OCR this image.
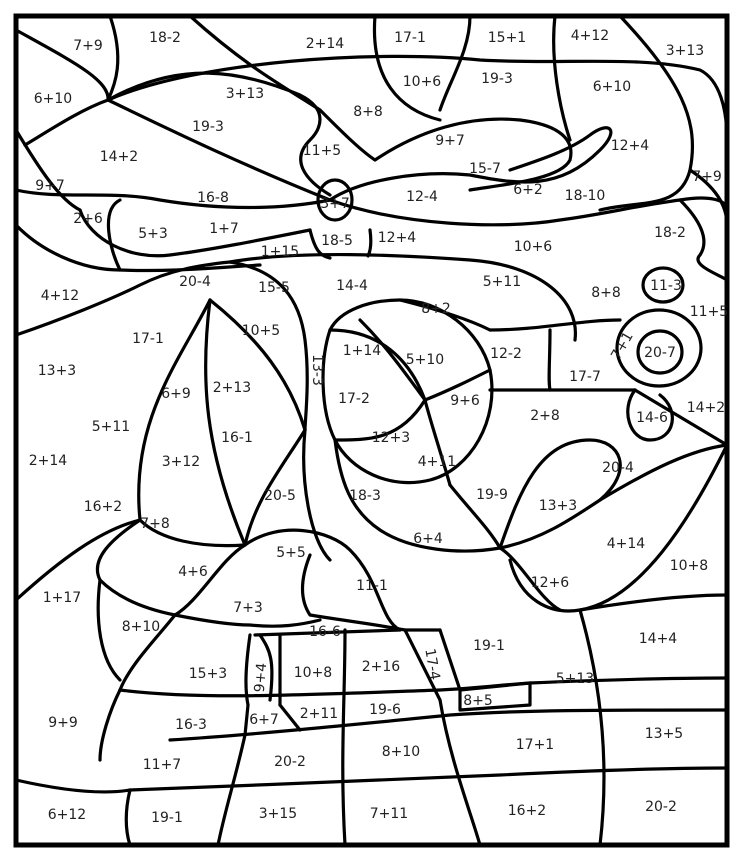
7+9	18-2	2+14	17-1	15+1	4+12
3+13
6+10	3+13
10+6	19-3	6+10
8+8
19-3
14+2	11+5
9+7
15-7
12+4
9+7
7+9
16-8	3+7	12-4	6+2 18-10
2+6
5+3	1+7
1+15
18-5 12+4
10+6
18-2
4+12
20-4	15-5	14-4	5+11
8+8 11-3
11+5
8+2
10+5
17-1
1+14
5+10	12-2	7+1 20-7
13+3
6+9 2+13
13-3	17-7
17-2	9+6
5+11
2+8	14-6
14+2
16-1	12+3
2+14	3+12	4+11	20-4
20-5	19-9
18-3
13+3
16+2
7+8
6+4
5+5
4+14
4+6
11-1
10+8
12+6
1+17
7+3
8+10	16-6
19-1	14+4
17-4
15+3 9+4 10+8 2+16
5+13
8+5
9+9	16-3	6+7 2+11 19-6
17+1
13+5
11+7	20-2
8+10
6+12	19-1	3+15	7+11	16+2	20-2
